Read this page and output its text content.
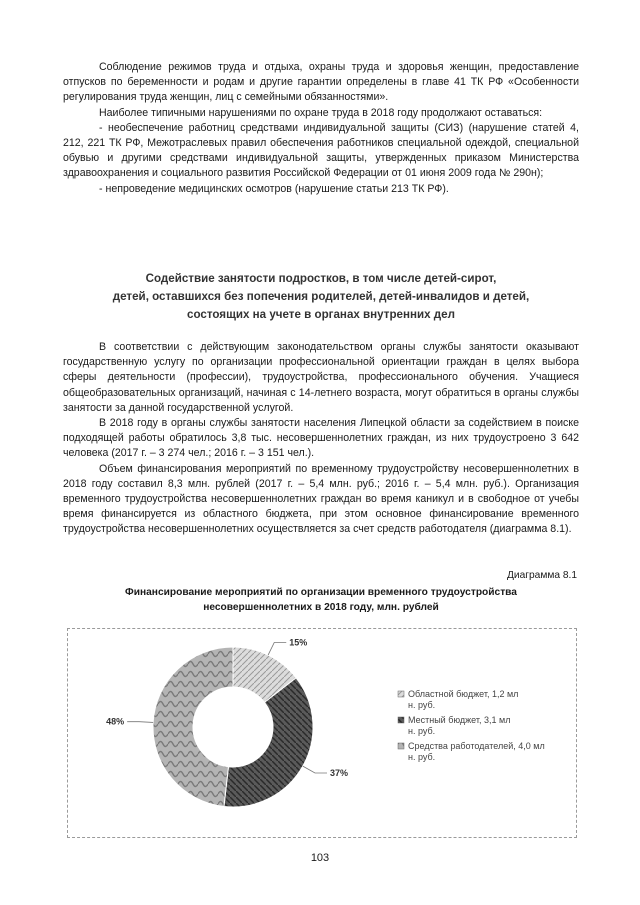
Соблюдение режимов труда и отдыха, охраны труда и здоровья женщин, предоставление отпусков по беременности и родам и другие гарантии определены в главе 41 ТК РФ «Особенности регулирования труда женщин, лиц с семейными обязанностями».

Наиболее типичными нарушениями по охране труда в 2018 году продолжают оставаться:

- необеспечение работниц средствами индивидуальной защиты (СИЗ) (нарушение статей 4, 212, 221 ТК РФ, Межотраслевых правил обеспечения работников специальной одеждой, специальной обувью и другими средствами индивидуальной защиты, утвержденных приказом Министерства здравоохранения и социального развития Российской Федерации от 01 июня 2009 года № 290н);

- непроведение медицинских осмотров (нарушение статьи 213 ТК РФ).

Содействие занятости подростков, в том числе детей-сирот,
детей, оставшихся без попечения родителей, детей-инвалидов и детей,
состоящих на учете в органах внутренних дел

В соответствии с действующим законодательством органы службы занятости оказывают государственную услугу по организации профессиональной ориентации граждан в целях выбора сферы деятельности (профессии), трудоустройства, профессионального обучения. Учащиеся общеобразовательных организаций, начиная с 14-летнего возраста, могут обратиться в органы службы занятости за данной государственной услугой.

В 2018 году в органы службы занятости населения Липецкой области за содействием в поиске подходящей работы обратилось 3,8 тыс. несовершеннолетних граждан, из них трудоустроено 3 642 человека (2017 г. – 3 274 чел.; 2016 г. – 3 151 чел.).

Объем финансирования мероприятий по временному трудоустройству несовершеннолетних в 2018 году составил 8,3 млн. рублей (2017 г. – 5,4 млн. руб.; 2016 г. – 5,4 млн. руб.). Организация временного трудоустройства несовершеннолетних граждан во время каникул и в свободное от учебы время финансируется из областного бюджета, при этом основное финансирование временного трудоустройства несовершеннолетних осуществляется за счет средств работодателя (диаграмма 8.1).

Диаграмма 8.1
Финансирование мероприятий по организации временного трудоустройства
несовершеннолетних в 2018 году, млн. рублей
15%
37%
48%
Областной бюджет, 1,2 мл н. руб.
Местный бюджет, 3,1 мл н. руб.
Средства работодателей, 4,0 мл н. руб.
103
